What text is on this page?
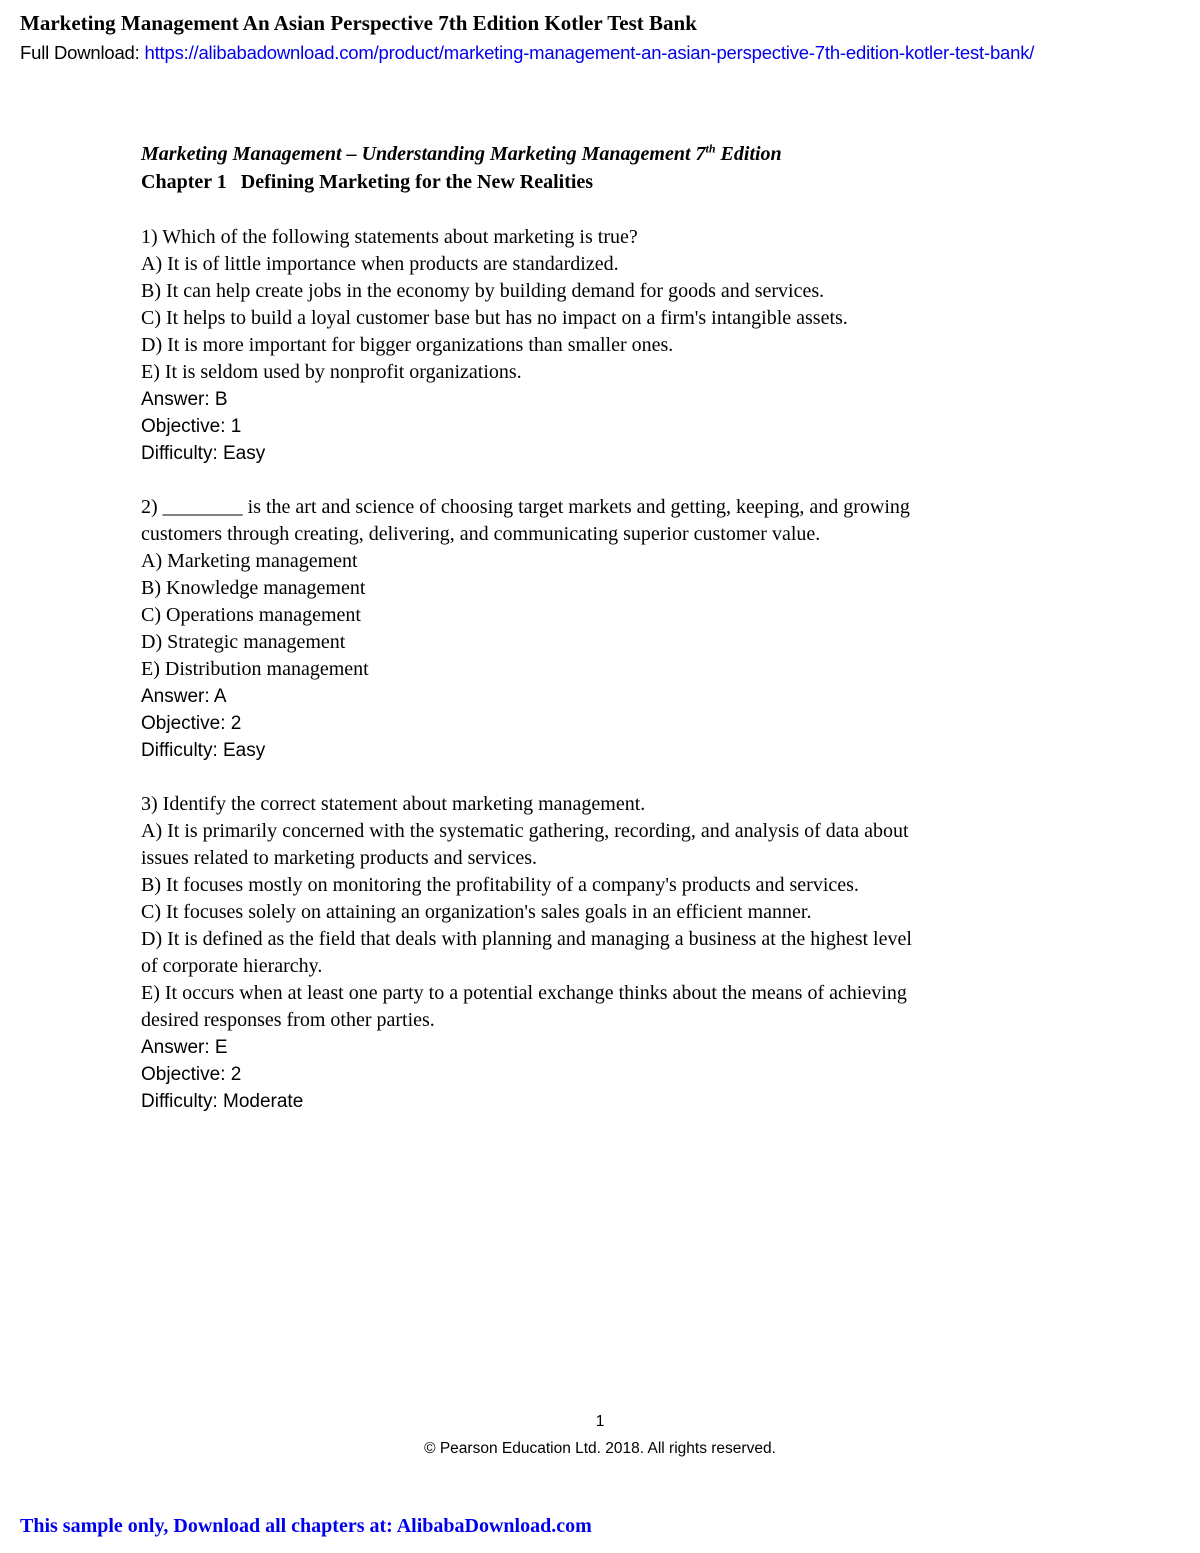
Marketing Management An Asian Perspective 7th Edition Kotler Test Bank
Full Download: https://alibabadownload.com/product/marketing-management-an-asian-perspective-7th-edition-kotler-test-bank/
Marketing Management – Understanding Marketing Management 7th Edition
Chapter 1 Defining Marketing for the New Realities
1) Which of the following statements about marketing is true?
A) It is of little importance when products are standardized.
B) It can help create jobs in the economy by building demand for goods and services.
C) It helps to build a loyal customer base but has no impact on a firm's intangible assets.
D) It is more important for bigger organizations than smaller ones.
E) It is seldom used by nonprofit organizations.
Answer: B
Objective: 1
Difficulty: Easy
2) ________ is the art and science of choosing target markets and getting, keeping, and growing
customers through creating, delivering, and communicating superior customer value.
A) Marketing management
B) Knowledge management
C) Operations management
D) Strategic management
E) Distribution management
Answer: A
Objective: 2
Difficulty: Easy
3) Identify the correct statement about marketing management.
A) It is primarily concerned with the systematic gathering, recording, and analysis of data about
issues related to marketing products and services.
B) It focuses mostly on monitoring the profitability of a company's products and services.
C) It focuses solely on attaining an organization's sales goals in an efficient manner.
D) It is defined as the field that deals with planning and managing a business at the highest level
of corporate hierarchy.
E) It occurs when at least one party to a potential exchange thinks about the means of achieving
desired responses from other parties.
Answer: E
Objective: 2
Difficulty: Moderate
1
© Pearson Education Ltd. 2018. All rights reserved.
This sample only, Download all chapters at: AlibabaDownload.com
